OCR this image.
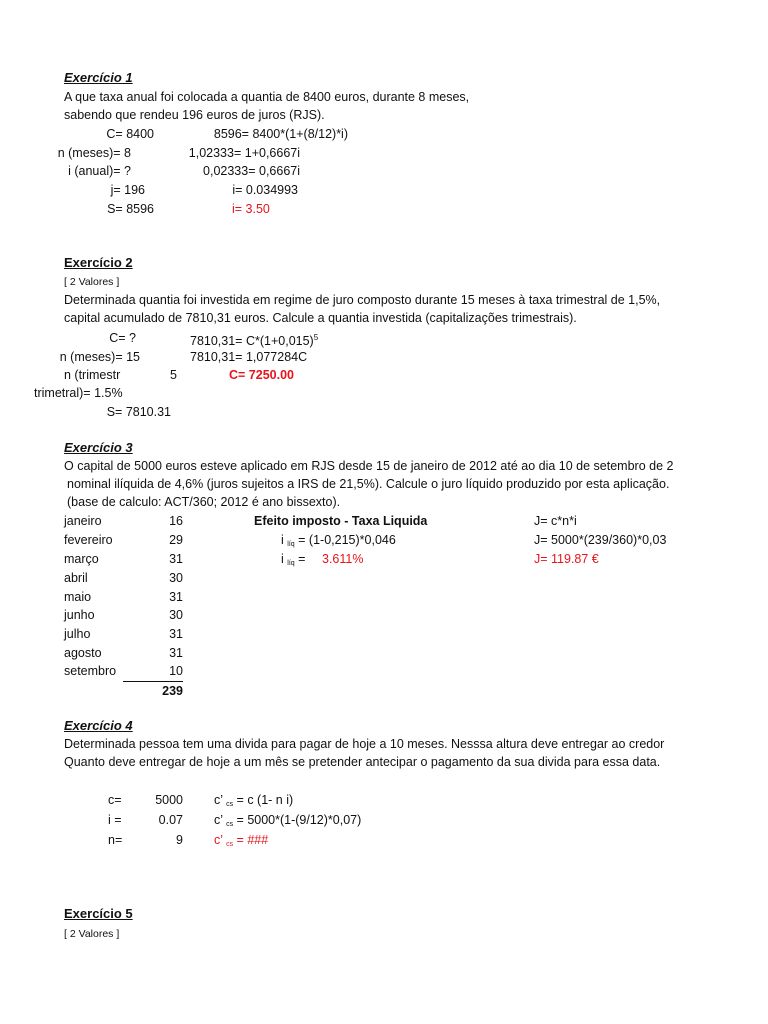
Exercício 1
A que taxa anual foi colocada a quantia de 8400 euros, durante 8 meses,
sabendo que rendeu 196 euros de juros (RJS).
C= 8400
n (meses)= 8
i (anual)= ?
j= 196
S= 8596
8596= 8400*(1+(8/12)*i)
1,02333= 1+0,6667i
0,02333= 0,6667i
i= 0.034993
i= 3.50
Exercício 2
[ 2 Valores ]
Determinada quantia foi investida em regime de juro composto durante 15 meses à taxa trimestral de 1,5%,
capital acumulado de 7810,31 euros. Calcule a quantia investida (capitalizações trimestrais).
C= ?
n (meses)= 15
n (trimestr	5
trimetral)= 1.5%
S= 7810.31
$7810,31= C*(1+0,015)^5$
7810,31= 1,077284C
C= 7250.00
Exercício 3
O capital de 5000 euros esteve aplicado em RJS desde 15 de janeiro de 2012 até ao dia 10 de setembro de 2
nominal ilíquida de 4,6% (juros sujeitos a IRS de 21,5%). Calcule o juro líquido produzido por esta aplicação.
(base de calculo: ACT/360; 2012 é ano bissexto).
janeiro
fevereiro
março
abril
maio
junho
julho
agosto
setembro
16
29
31
30
31
30
31
31
10
239
Efeito imposto - Taxa Liquida
i $_{líq}$ = (1-0,215)*0,046
i $_{líq}$ = 3.611%
J= c*n*i
J= 5000*(239/360)*0,03
J= 119.87 €
Exercício 4
Determinada pessoa tem uma divida para pagar de hoje a 10 meses. Nesssa altura deve entregar ao credor
Quanto deve entregar de hoje a um mês se pretender antecipar o pagamento da sua divida para essa data.
c=
i =
n=
5000
0.07
9
c’ $_{cs}$ = c (1- n i)
c’ $_{cs}$ = 5000*(1-(9/12)*0,07)
c’ $_{cs}$ = ###
Exercício 5
[ 2 Valores ]
